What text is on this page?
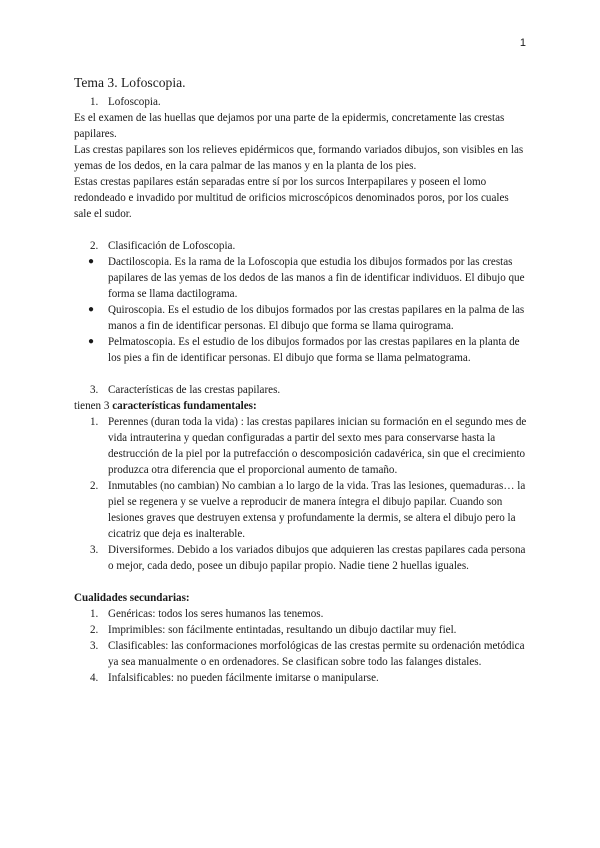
1
Tema 3. Lofoscopia.
1. Lofoscopia.

Es el examen de las huellas que dejamos por una parte de la epidermis, concretamente las crestas papilares.

Las crestas papilares son los relieves epidérmicos que, formando variados dibujos, son visibles en las yemas de los dedos, en la cara palmar de las manos y en la planta de los pies.

Estas crestas papilares están separadas entre sí por los surcos Interpapilares y poseen el lomo redondeado e invadido por multitud de orificios microscópicos denominados poros, por los cuales sale el sudor.

2. Clasificación de Lofoscopia.
● Dactiloscopia. Es la rama de la Lofoscopia que estudia los dibujos formados por las crestas papilares de las yemas de los dedos de las manos a fin de identificar individuos. El dibujo que forma se llama dactilograma.
● Quiroscopia. Es el estudio de los dibujos formados por las crestas papilares en la palma de las manos a fin de identificar personas. El dibujo que forma se llama quirograma.
● Pelmatoscopia. Es el estudio de los dibujos formados por las crestas papilares en la planta de los pies a fin de identificar personas. El dibujo que forma se llama pelmatograma.
3. Características de las crestas papilares.

tienen 3 características fundamentales:

1. Perennes (duran toda la vida) : las crestas papilares inician su formación en el segundo mes de vida intrauterina y quedan configuradas a partir del sexto mes para conservarse hasta la destrucción de la piel por la putrefacción o descomposición cadavérica, sin que el crecimiento produzca otra diferencia que el proporcional aumento de tamaño.
2. Inmutables (no cambian) No cambian a lo largo de la vida. Tras las lesiones, quemaduras… la piel se regenera y se vuelve a reproducir de manera íntegra el dibujo papilar. Cuando son lesiones graves que destruyen extensa y profundamente la dermis, se altera el dibujo pero la cicatriz que deja es inalterable.
3. Diversiformes. Debido a los variados dibujos que adquieren las crestas papilares cada persona o mejor, cada dedo, posee un dibujo papilar propio. Nadie tiene 2 huellas iguales.

Cualidades secundarias:

1. Genéricas: todos los seres humanos las tenemos.
2. Imprimibles: son fácilmente entintadas, resultando un dibujo dactilar muy fiel.
3. Clasificables: las conformaciones morfológicas de las crestas permite su ordenación metódica ya sea manualmente o en ordenadores. Se clasifican sobre todo las falanges distales.
4. Infalsificables: no pueden fácilmente imitarse o manipularse.
